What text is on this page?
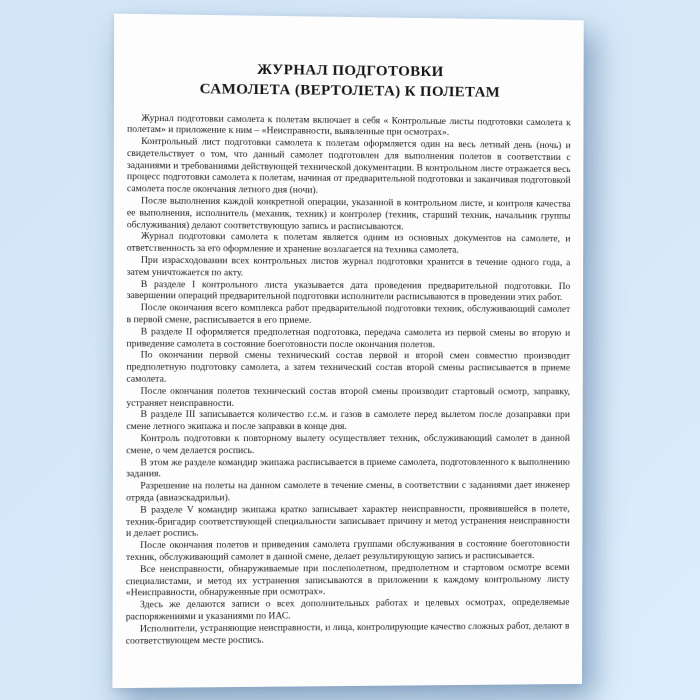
ЖУРНАЛ ПОДГОТОВКИ
САМОЛЕТА (ВЕРТОЛЕТА) К ПОЛЕТАМ

Журнал подготовки самолета к полетам включает в себя « Контрольные листы подготовки самолета к полетам» и приложение к ним – «Неисправности, выявленные при осмотрах».

Контрольный лист подготовки самолета к полетам оформляется один на весь летный день (ночь) и свидетельствует о том, что данный самолет подготовлен для выполнения полетов в соответствии с заданиями и требованиями действующей технической документации. В контрольном листе отражается весь процесс подготовки самолета к полетам, начиная от предварительной подготовки и заканчивая подготовкой самолета после окончания летного дня (ночи).

После выполнения каждой конкретной операции, указанной в контрольном листе, и контроля качества ее выполнения, исполнитель (механик, техник) и контролер (техник, старший техник, начальник группы обслуживания) делают соответствующую запись и расписываются.

Журнал подготовки самолета к полетам является одним из основных документов на самолете, и ответственность за его оформление и хранение возлагается на техника самолета.

При израсходовании всех контрольных листов журнал подготовки хранится в течение одного года, а затем уничтожается по акту.

В разделе I контрольного листа указывается дата проведения предварительной подготовки. По завершении операций предварительной подготовки исполнители расписываются в проведении этих работ.

После окончания всего комплекса работ предварительной подготовки техник, обслуживающий самолет в первой смене, расписывается в его приеме.

В разделе II оформляется предполетная подготовка, передача самолета из первой смены во вторую и приведение самолета в состояние боеготовности после окончания полетов.

По окончании первой смены технический состав первой и второй смен совместно производит предполетную подготовку самолета, а затем технический состав второй смены расписывается в приеме самолета.

После окончания полетов технический состав второй смены производит стартовый осмотр, заправку, устраняет неисправности.

В разделе III записывается количество г.с.м. и газов в самолете перед вылетом после дозаправки при смене летного экипажа и после заправки в конце дня.

Контроль подготовки к повторному вылету осуществляет техник, обслуживающий самолет в данной смене, о чем делается роспись.

В этом же разделе командир экипажа расписывается в приеме самолета, подготовленного к выполнению задания.

Разрешение на полеты на данном самолете в течение смены, в соответствии с заданиями дает инженер отряда (авиаэскадрильи).

В разделе V командир экипажа кратко записывает характер неисправности, проявившейся в полете, техник-бригадир соответствующей специальности записывает причину и метод устранения неисправности и делает роспись.

После окончания полетов и приведения самолета группами обслуживания в состояние боеготовности техник, обслуживающий самолет в данной смене, делает результирующую запись и расписывается.

Все неисправности, обнаруживаемые при послеполетном, предполетном и стартовом осмотре всеми специалистами, и метод их устранения записываются в приложении к каждому контрольному листу «Неисправности, обнаруженные при осмотрах».

Здесь же делаются записи о всех дополнительных работах и целевых осмотрах, определяемые распоряжениями и указаниями по ИАС.

Исполнители, устраняющие неисправности, и лица, контролирующие качество сложных работ, делают в соответствующем месте роспись.
